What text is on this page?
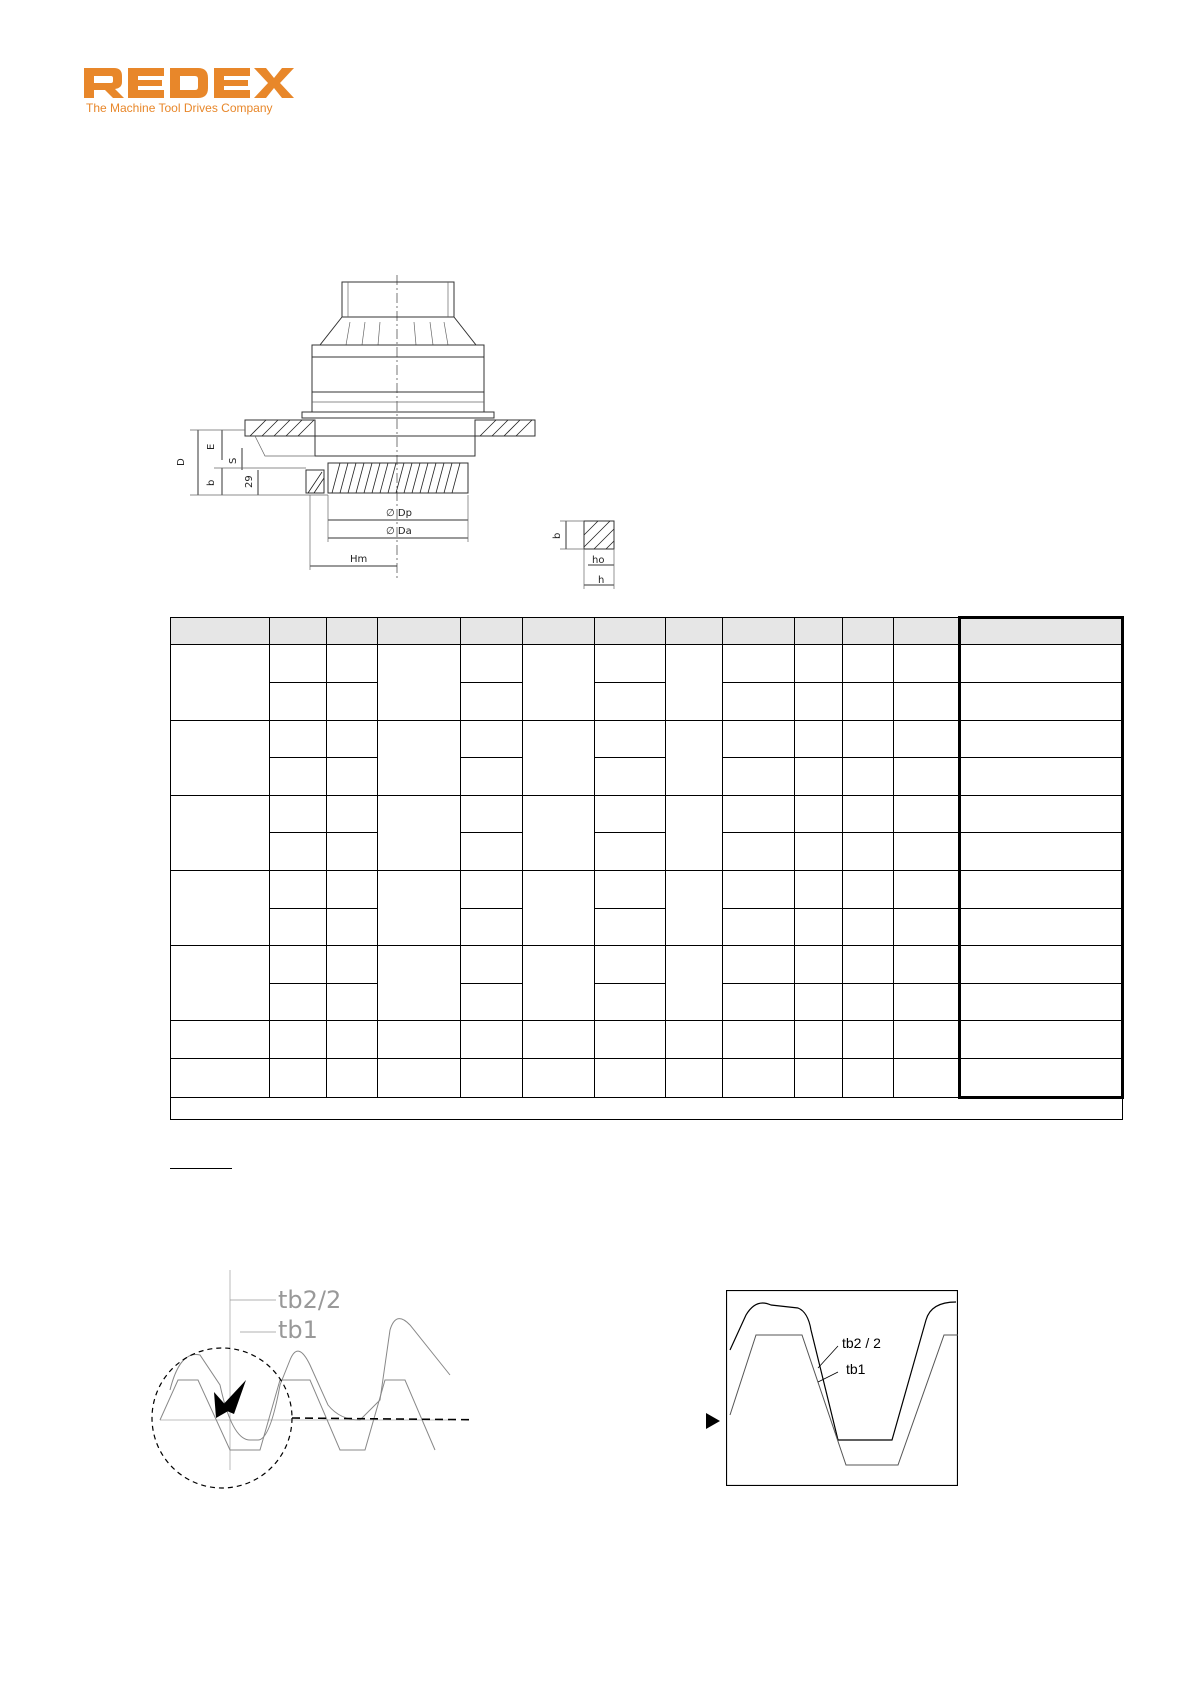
The Machine Tool Drives Company
D
E
S
b	29
∅ Dp
∅ Da
Hm
b
ho
h

tb2/2
tb1	tb2 / 2
tb1
